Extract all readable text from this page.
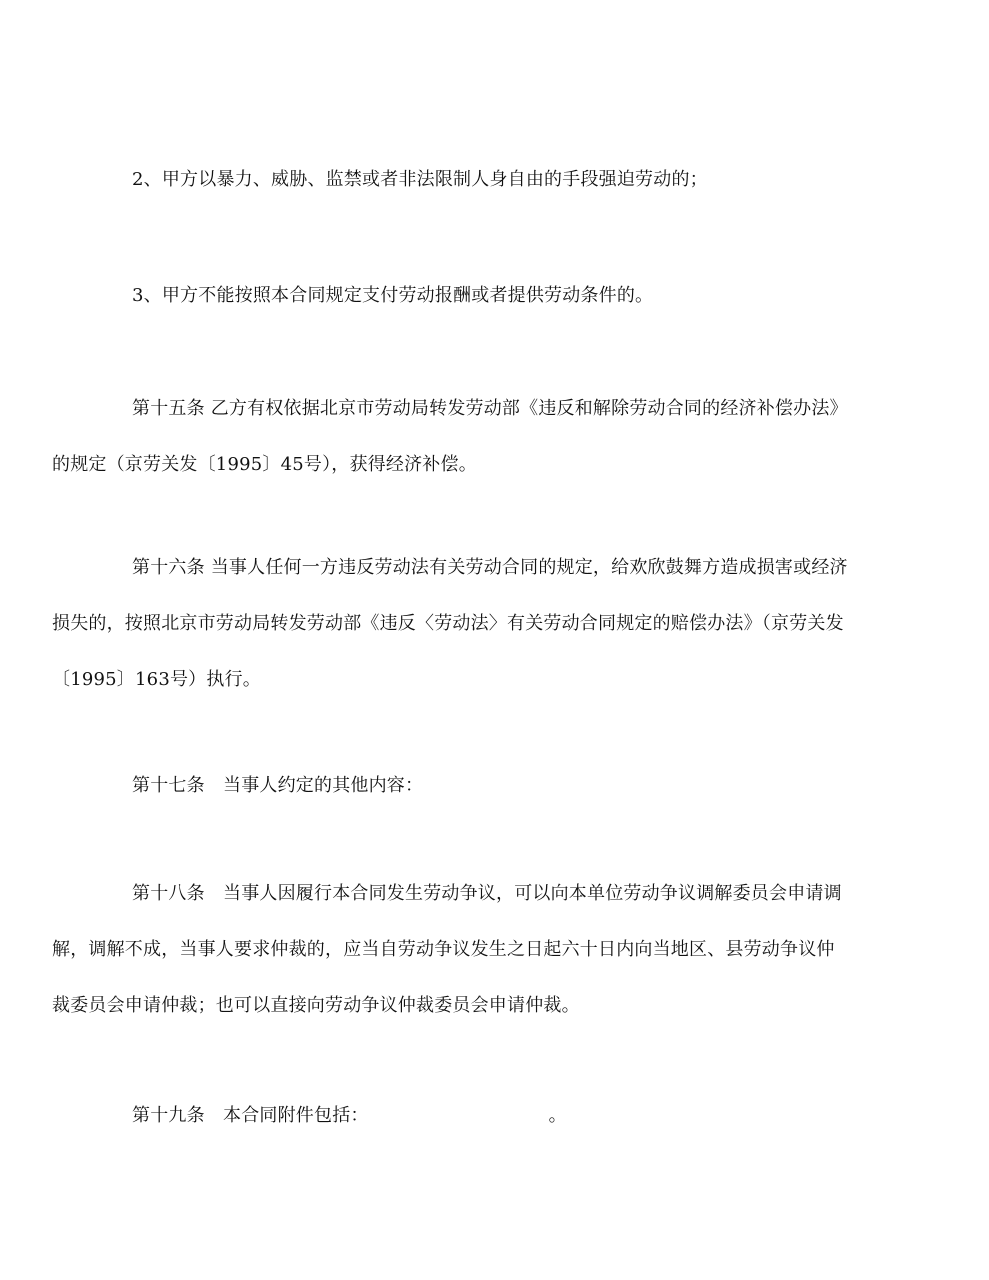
2、甲方以暴力、威胁、监禁或者非法限制人身自由的手段强迫劳动的；

3、甲方不能按照本合同规定支付劳动报酬或者提供劳动条件的。

第十五条 乙方有权依据北京市劳动局转发劳动部《违反和解除劳动合同的经济补偿办法》
的规定（京劳关发〔1995〕45号），获得经济补偿。

第十六条 当事人任何一方违反劳动法有关劳动合同的规定，给欢欣鼓舞方造成损害或经济
损失的，按照北京市劳动局转发劳动部《违反〈劳动法〉有关劳动合同规定的赔偿办法》（京劳关发
〔1995〕163号）执行。

第十七条　当事人约定的其他内容：

第十八条　当事人因履行本合同发生劳动争议，可以向本单位劳动争议调解委员会申请调
解，调解不成，当事人要求仲裁的，应当自劳动争议发生之日起六十日内向当地区、县劳动争议仲
裁委员会申请仲裁；也可以直接向劳动争议仲裁委员会申请仲裁。

第十九条　本合同附件包括：	。
